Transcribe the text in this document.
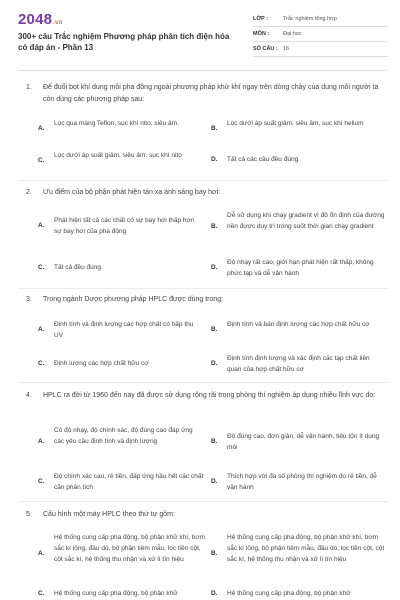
2048.vn
300+ câu Trắc nghiệm Phương pháp phân tích điện hóa có đáp án - Phần 13
LỚP :	Trắc nghiệm tổng hợp
MÔN :	Đại học
SỐ CÂU : 16
1. Để đuổi bọt khí dung môi pha động ngoài phương pháp khử khí ngay trên dòng chảy của dung môi người ta còn dùng các phương pháp sau:
A.
Lọc qua màng Teflon, sục khí nito, siêu âm.
B.
Lọc dưới áp suất giảm, siêu âm, sục khí helium
C.
Lọc dưới áp suất giảm, siêu âm, sục khí nito
D. Tất cả các câu đều đúng
2. Ưu điểm của bộ phận phát hiện tán xạ ánh sáng bay hơi:
A.
Phát hiện tất cả các chất có sự bay hơi thấp hơn sự bay hơi của pha động
B.
Dễ sử dụng khi chạy gradient vì độ ổn định của đường nền được duy trì trong suốt thời gian chạy gradient
C. Tất cả đều đúng	D.
Độ nhạy rất cao, giới hạn phát hiện rất thấp, không phức tạp và dễ vận hành
3. Trong ngành Dược phương pháp HPLC được dùng trong:
A.
Định tính và định lượng các hợp chất có hấp thu UV
B.
Định tính và bán định lượng các hợp chất hữu cơ
C. Định lượng các hợp chất hữu cơ	D.
Định tính định lượng và xác định các tạp chất liên quan của hợp chất hữu cơ
4. HPLC ra đời từ 1960 đến nay đã được sử dụng rộng rãi trong phòng thí nghiệm áp dụng nhiều lĩnh vực do:
A.
Có độ nhạy, độ chính xác, độ đúng cao đáp ứng các yêu cầu định tính và định lượng	B.
Độ đúng cao, đơn giản, dễ vận hành, tiêu tốn ít dung môi
C.
Độ chính xác cao, rẻ tiền, đáp ứng hầu hết các chất cần phân tích
D.
Thích hợp với đa số phòng thí nghiệm do rẻ tiền, dễ vận hành
5. Cấu hình một máy HPLC theo thứ tự gồm:
A.
Hệ thống cung cấp pha động, bộ phận khử khí, bơm sắc kí lỏng, đầu dò, bộ phận tiêm mẫu, lọc tiền cột, cột sắc kí, hệ thống thu nhận và xử lí tín hiệu
B.
Hệ thống cung cấp pha động, bộ phận khử khí, bơm sắc kí lỏng, bộ phận tiêm mẫu, đầu dò, lọc tiền cột, cột sắc kí, hệ thống thu nhận và xử lí tín hiệu
C. Hệ thống cung cấp pha động, bộ phận khử	D. Hệ thống cung cấp pha động, bộ phận khử
